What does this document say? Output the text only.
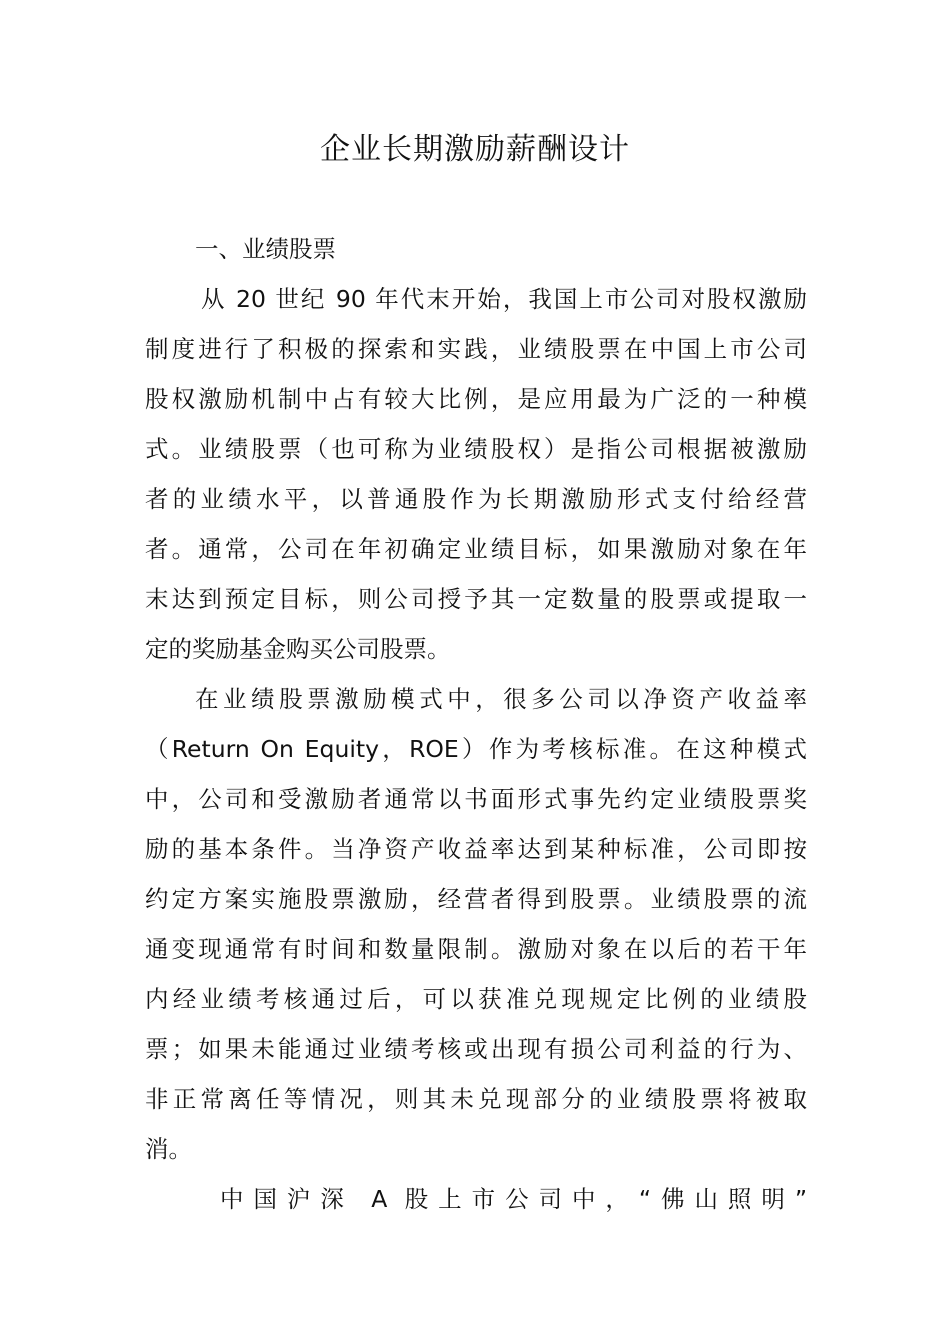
企业长期激励薪酬设计
一、业绩股票
从 20 世纪 90 年代末开始，我国上市公司对股权激励
制度进行了积极的探索和实践，业绩股票在中国上市公司
股权激励机制中占有较大比例，是应用最为广泛的一种模
式。业绩股票（也可称为业绩股权）是指公司根据被激励
者的业绩水平，以普通股作为长期激励形式支付给经营
者。通常，公司在年初确定业绩目标，如果激励对象在年
末达到预定目标，则公司授予其一定数量的股票或提取一
定的奖励基金购买公司股票。
在业绩股票激励模式中，很多公司以净资产收益率
（Return On Equity，ROE）作为考核标准。在这种模式
中，公司和受激励者通常以书面形式事先约定业绩股票奖
励的基本条件。当净资产收益率达到某种标准，公司即按
约定方案实施股票激励，经营者得到股票。业绩股票的流
通变现通常有时间和数量限制。激励对象在以后的若干年
内经业绩考核通过后，可以获准兑现规定比例的业绩股
票；如果未能通过业绩考核或出现有损公司利益的行为、
非正常离任等情况，则其未兑现部分的业绩股票将被取
消。
中国沪深 A 股上市公司中，“佛山照明”
